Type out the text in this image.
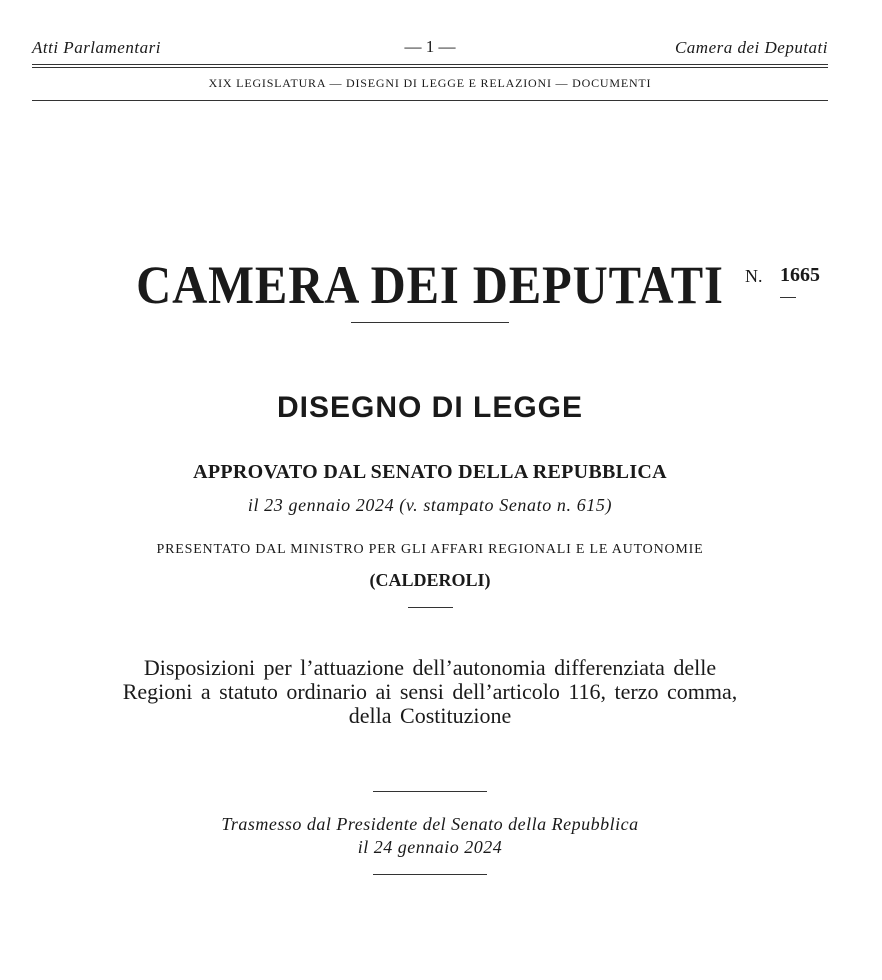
Atti Parlamentari	— 1 —	Camera dei Deputati
XIX LEGISLATURA — DISEGNI DI LEGGE E RELAZIONI — DOCUMENTI
CAMERA DEI DEPUTATI	N. 1665
DISEGNO DI LEGGE
APPROVATO DAL SENATO DELLA REPUBBLICA
il 23 gennaio 2024 (v. stampato Senato n. 615)
PRESENTATO DAL MINISTRO PER GLI AFFARI REGIONALI E LE AUTONOMIE
(CALDEROLI)
Disposizioni per l’attuazione dell’autonomia differenziata delle
Regioni a statuto ordinario ai sensi dell’articolo 116, terzo comma,
della Costituzione
Trasmesso dal Presidente del Senato della Repubblica
il 24 gennaio 2024
